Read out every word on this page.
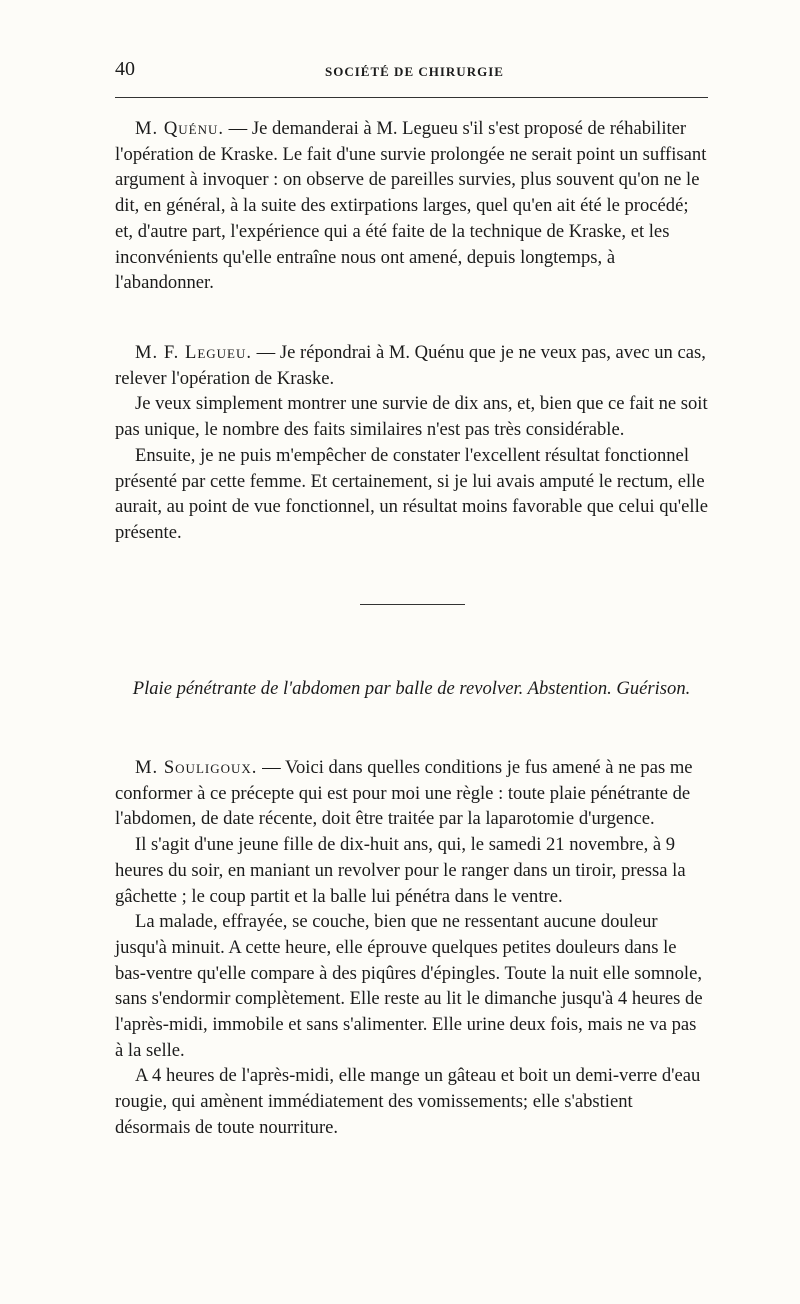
40	SOCIÉTÉ DE CHIRURGIE

M. Quénu. — Je demanderai à M. Legueu s'il s'est proposé de réhabiliter l'opération de Kraske. Le fait d'une survie prolongée ne serait point un suffisant argument à invoquer : on observe de pareilles survies, plus souvent qu'on ne le dit, en général, à la suite des extirpations larges, quel qu'en ait été le procédé; et, d'autre part, l'expérience qui a été faite de la technique de Kraske, et les inconvénients qu'elle entraîne nous ont amené, depuis longtemps, à l'abandonner.

M. F. Legueu. — Je répondrai à M. Quénu que je ne veux pas, avec un cas, relever l'opération de Kraske.

Je veux simplement montrer une survie de dix ans, et, bien que ce fait ne soit pas unique, le nombre des faits similaires n'est pas très considérable.

Ensuite, je ne puis m'empêcher de constater l'excellent résultat fonctionnel présenté par cette femme. Et certainement, si je lui avais amputé le rectum, elle aurait, au point de vue fonctionnel, un résultat moins favorable que celui qu'elle présente.

Plaie pénétrante de l'abdomen par balle de revolver. Abstention. Guérison.

M. Souligoux. — Voici dans quelles conditions je fus amené à ne pas me conformer à ce précepte qui est pour moi une règle : toute plaie pénétrante de l'abdomen, de date récente, doit être traitée par la laparotomie d'urgence.

Il s'agit d'une jeune fille de dix-huit ans, qui, le samedi 21 novembre, à 9 heures du soir, en maniant un revolver pour le ranger dans un tiroir, pressa la gâchette ; le coup partit et la balle lui pénétra dans le ventre.

La malade, effrayée, se couche, bien que ne ressentant aucune douleur jusqu'à minuit. A cette heure, elle éprouve quelques petites douleurs dans le bas-ventre qu'elle compare à des piqûres d'épingles. Toute la nuit elle somnole, sans s'endormir complètement. Elle reste au lit le dimanche jusqu'à 4 heures de l'après-midi, immobile et sans s'alimenter. Elle urine deux fois, mais ne va pas à la selle.

A 4 heures de l'après-midi, elle mange un gâteau et boit un demi-verre d'eau rougie, qui amènent immédiatement des vomissements; elle s'abstient désormais de toute nourriture.
